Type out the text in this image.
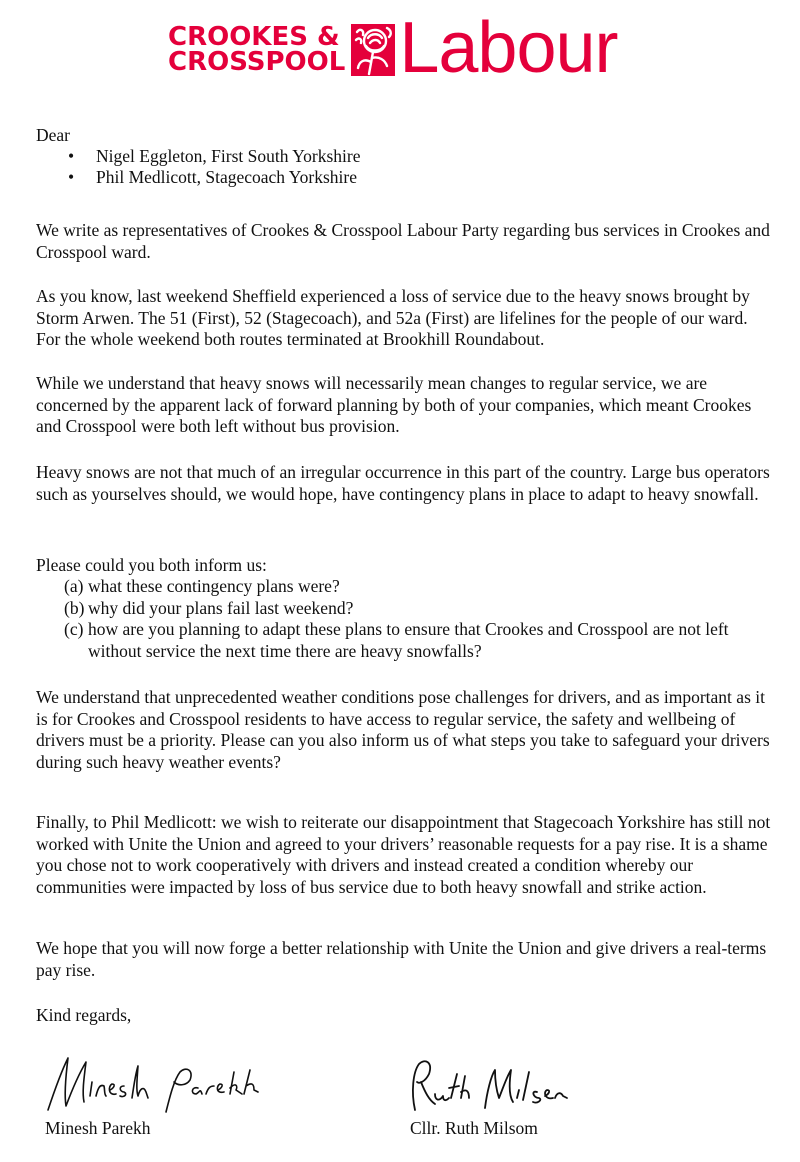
CROOKES &
CROSSPOOL Labour
Dear
• Nigel Eggleton, First South Yorkshire
• Phil Medlicott, Stagecoach Yorkshire

We write as representatives of Crookes & Crosspool Labour Party regarding bus services in Crookes and Crosspool ward.

As you know, last weekend Sheffield experienced a loss of service due to the heavy snows brought by Storm Arwen. The 51 (First), 52 (Stagecoach), and 52a (First) are lifelines for the people of our ward. For the whole weekend both routes terminated at Brookhill Roundabout.

While we understand that heavy snows will necessarily mean changes to regular service, we are concerned by the apparent lack of forward planning by both of your companies, which meant Crookes and Crosspool were both left without bus provision.

Heavy snows are not that much of an irregular occurrence in this part of the country. Large bus operators such as yourselves should, we would hope, have contingency plans in place to adapt to heavy snowfall.

Please could you both inform us:

(a) what these contingency plans were?
(b) why did your plans fail last weekend?
(c) how are you planning to adapt these plans to ensure that Crookes and Crosspool are not left without service the next time there are heavy snowfalls?

We understand that unprecedented weather conditions pose challenges for drivers, and as important as it is for Crookes and Crosspool residents to have access to regular service, the safety and wellbeing of drivers must be a priority. Please can you also inform us of what steps you take to safeguard your drivers during such heavy weather events?

Finally, to Phil Medlicott: we wish to reiterate our disappointment that Stagecoach Yorkshire has still not worked with Unite the Union and agreed to your drivers’ reasonable requests for a pay rise. It is a shame you chose not to work cooperatively with drivers and instead created a condition whereby our communities were impacted by loss of bus service due to both heavy snowfall and strike action.

We hope that you will now forge a better relationship with Unite the Union and give drivers a real-terms pay rise.

Kind regards,
Minesh Parekh	Cllr. Ruth Milsom
